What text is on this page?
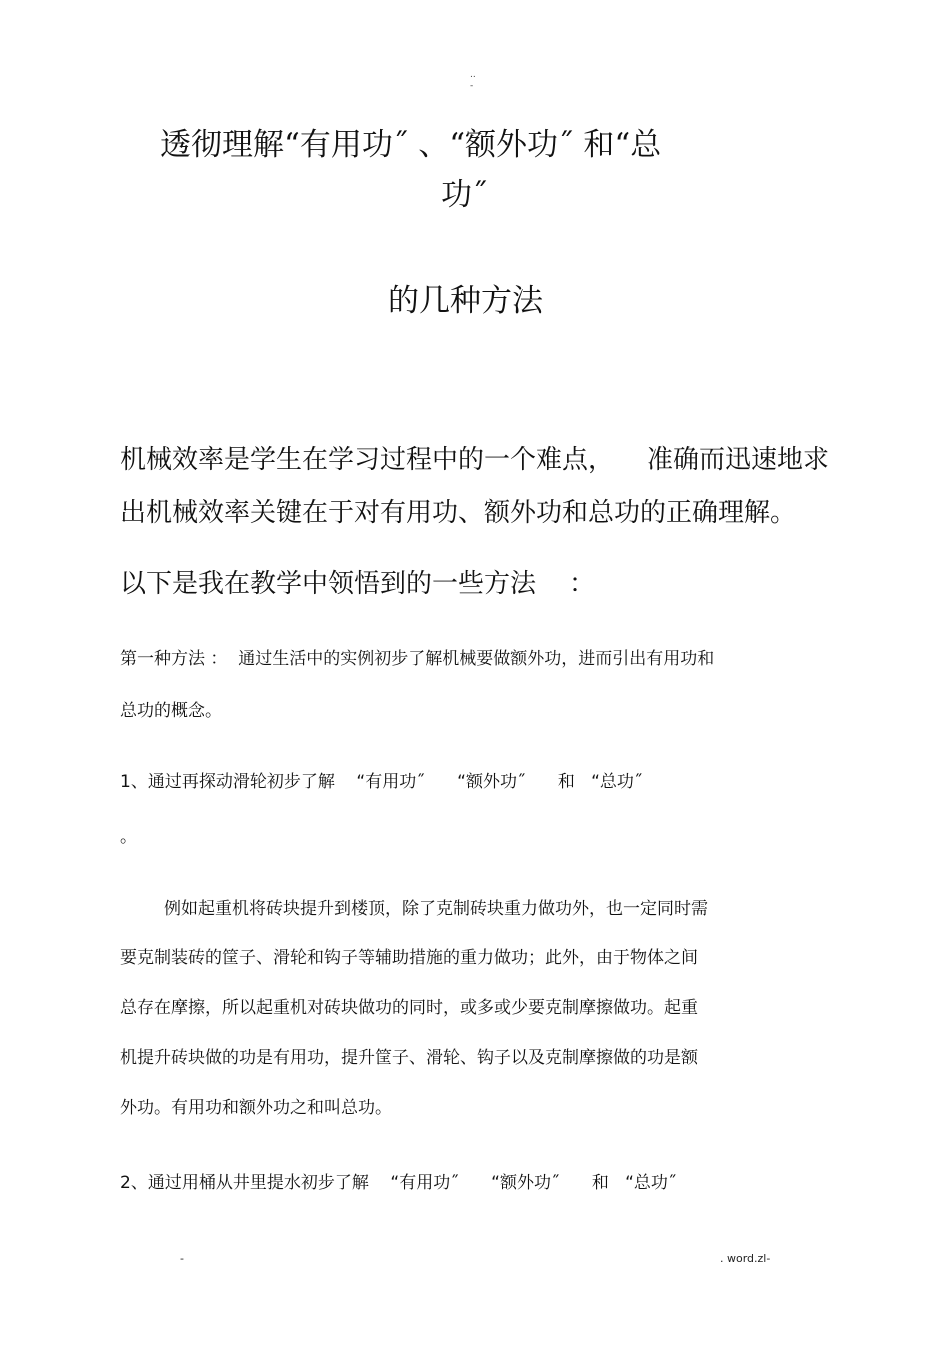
..
-
透彻理解“有用功˝ 、“额外功˝ 和“总
功˝
的几种方法
机械效率是学生在学习过程中的一个难点，    准确而迅速地求
出机械效率关键在于对有用功、额外功和总功的正确理解。
以下是我在教学中领悟到的一些方法    ：
第一种方法 ：  通过生活中的实例初步了解机械要做额外功，进而引出有用功和
总功的概念。
1、通过再探动滑轮初步了解    “有用功˝      “额外功˝      和   “总功˝
。
例如起重机将砖块提升到楼顶，除了克制砖块重力做功外，也一定同时需
要克制装砖的筐子、滑轮和钩子等辅助措施的重力做功；此外，由于物体之间
总存在摩擦，所以起重机对砖块做功的同时，或多或少要克制摩擦做功。起重
机提升砖块做的功是有用功，提升筐子、滑轮、钩子以及克制摩擦做的功是额
外功。有用功和额外功之和叫总功。
2、通过用桶从井里提水初步了解    “有用功˝      “额外功˝      和   “总功˝
-	. word.zl-
